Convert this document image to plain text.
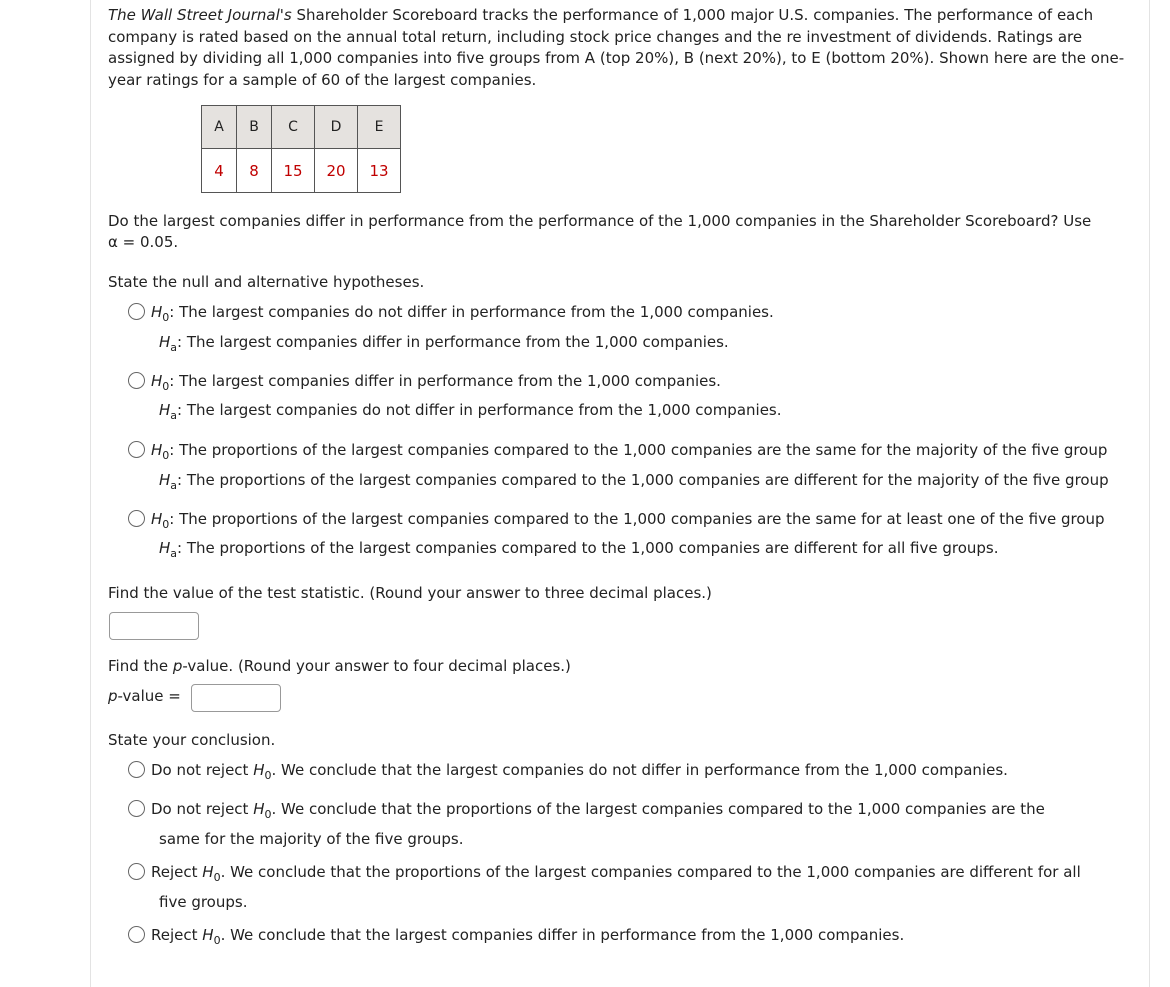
The Wall Street Journal's Shareholder Scoreboard tracks the performance of 1,000 major U.S. companies. The performance of each company is rated based on the annual total return, including stock price changes and the re investment of dividends. Ratings are assigned by dividing all 1,000 companies into five groups from A (top 20%), B (next 20%), to E (bottom 20%). Shown here are the one-year ratings for a sample of 60 of the largest companies.

A	B	C	D	E
4	8	15	20	13
Do the largest companies differ in performance from the performance of the 1,000 companies in the Shareholder Scoreboard? Use
α = 0.05.
State the null and alternative hypotheses.
$H_0$: The largest companies do not differ in performance from the 1,000 companies.
$H_a$: The largest companies differ in performance from the 1,000 companies.
$H_0$: The largest companies differ in performance from the 1,000 companies.
$H_a$: The largest companies do not differ in performance from the 1,000 companies.
$H_0$: The proportions of the largest companies compared to the 1,000 companies are the same for the majority of the five group
$H_a$: The proportions of the largest companies compared to the 1,000 companies are different for the majority of the five group
$H_0$: The proportions of the largest companies compared to the 1,000 companies are the same for at least one of the five group
$H_a$: The proportions of the largest companies compared to the 1,000 companies are different for all five groups.
Find the value of the test statistic. (Round your answer to three decimal places.)
Find the p-value. (Round your answer to four decimal places.)
p-value =
State your conclusion.
Do not reject $H_0$. We conclude that the largest companies do not differ in performance from the 1,000 companies.
Do not reject $H_0$. We conclude that the proportions of the largest companies compared to the 1,000 companies are the
same for the majority of the five groups.
Reject $H_0$. We conclude that the proportions of the largest companies compared to the 1,000 companies are different for all
five groups.
Reject $H_0$. We conclude that the largest companies differ in performance from the 1,000 companies.
